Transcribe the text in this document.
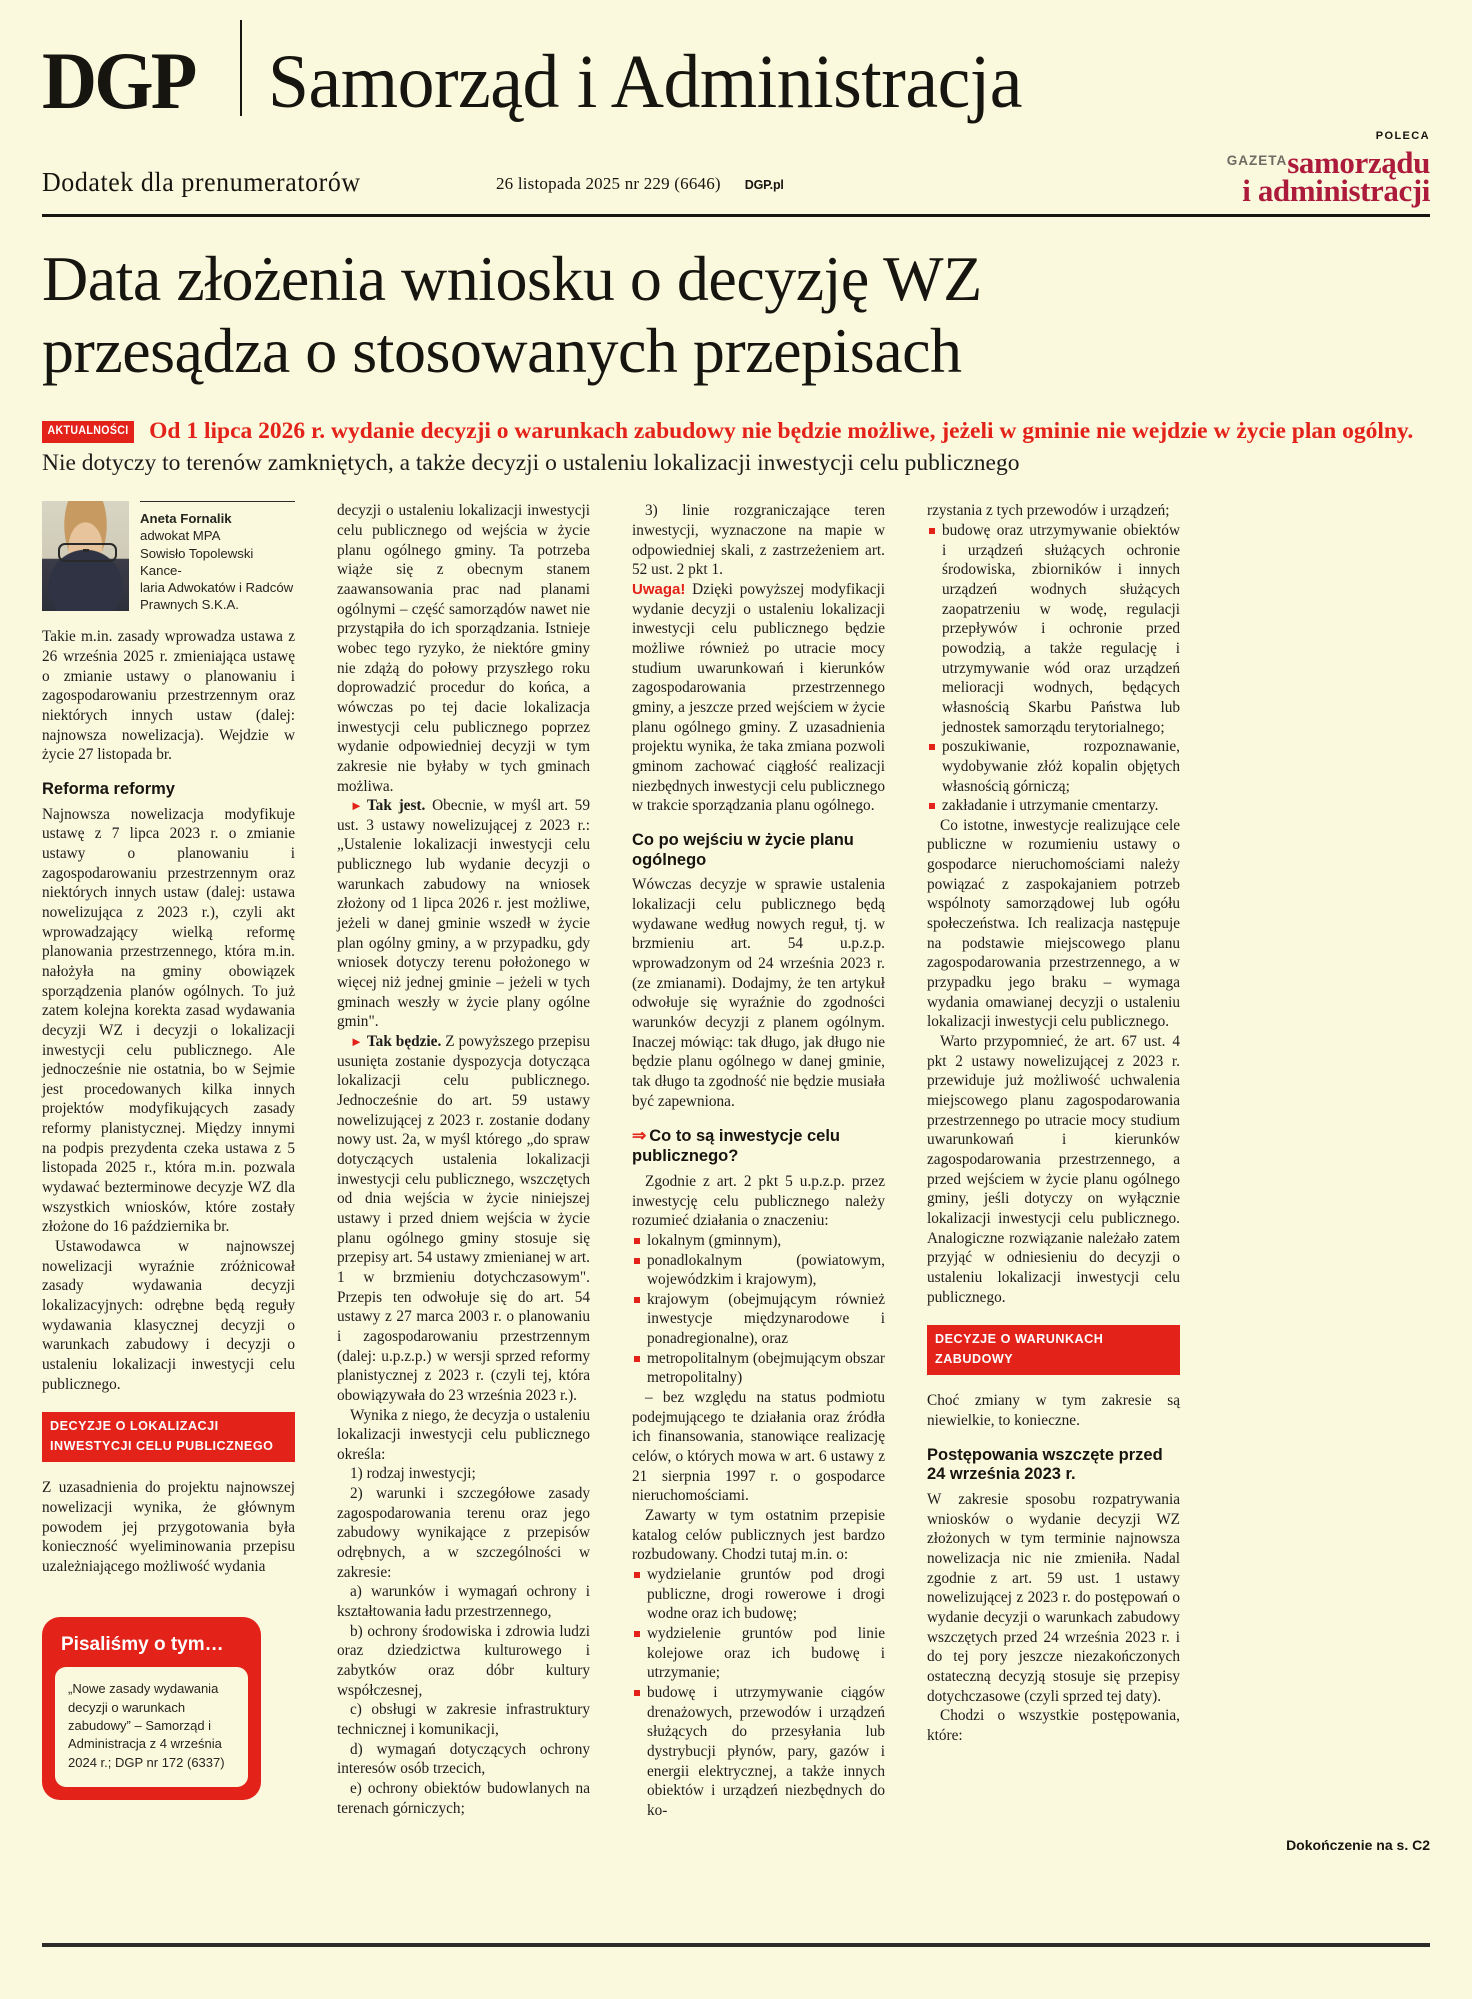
DGP Samorząd i Administracja
Dodatek dla prenumeratorów	26 listopada 2025 nr 229 (6646) DGP.pl
POLECA
$^{GAZETA}$samorządu
i administracji
Data złożenia wniosku o decyzję WZ
przesądza o stosowanych przepisach
AKTUALNOŚCI Od 1 lipca 2026 r. wydanie decyzji o warunkach zabudowy nie będzie możliwe, jeżeli w gminie nie wejdzie w życie plan ogólny. Nie dotyczy to terenów zamkniętych, a także decyzji o ustaleniu lokalizacji inwestycji celu publicznego
Aneta Fornalik
adwokat MPA
Sowisło Topolewski Kance-
laria Adwokatów i Radców
Prawnych S.K.A.

Takie m.in. zasady wprowadza ustawa z 26 września 2025 r. zmieniająca ustawę o zmianie ustawy o planowaniu i zagospodarowaniu przestrzennym oraz niektórych innych ustaw (dalej: najnowsza nowelizacja). Wejdzie w życie 27 listopada br.

Reforma reformy

Najnowsza nowelizacja modyfikuje ustawę z 7 lipca 2023 r. o zmianie ustawy o planowaniu i zagospodarowaniu przestrzennym oraz niektórych innych ustaw (dalej: ustawa nowelizująca z 2023 r.), czyli akt wprowadzający wielką reformę planowania przestrzennego, która m.in. nałożyła na gminy obowiązek sporządzenia planów ogólnych. To już zatem kolejna korekta zasad wydawania decyzji WZ i decyzji o lokalizacji inwestycji celu publicznego. Ale jednocześnie nie ostatnia, bo w Sejmie jest procedowanych kilka innych projektów modyfikujących zasady reformy planistycznej. Między innymi na podpis prezydenta czeka ustawa z 5 listopada 2025 r., która m.in. pozwala wydawać bezterminowe decyzje WZ dla wszystkich wniosków, które zostały złożone do 16 października br.

Ustawodawca w najnowszej nowelizacji wyraźnie zróżnicował zasady wydawania decyzji lokalizacyjnych: odrębne będą reguły wydawania klasycznej decyzji o warunkach zabudowy i decyzji o ustaleniu lokalizacji inwestycji celu publicznego.

DECYZJE O LOKALIZACJI INWESTYCJI CELU PUBLICZNEGO

Z uzasadnienia do projektu najnowszej nowelizacji wynika, że głównym powodem jej przygotowania była konieczność wyeliminowania przepisu uzależniającego możliwość wydania

Pisaliśmy o tym…
„Nowe zasady wydawania decyzji o warunkach zabudowy” – Samorząd i Administracja z 4 września 2024 r.; DGP nr 172 (6337)

decyzji o ustaleniu lokalizacji inwestycji celu publicznego od wejścia w życie planu ogólnego gminy. Ta potrzeba wiąże się z obecnym stanem zaawansowania prac nad planami ogólnymi – część samorządów nawet nie przystąpiła do ich sporządzania. Istnieje wobec tego ryzyko, że niektóre gminy nie zdążą do połowy przyszłego roku doprowadzić procedur do końca, a wówczas po tej dacie lokalizacja inwestycji celu publicznego poprzez wydanie odpowiedniej decyzji w tym zakresie nie byłaby w tych gminach możliwa.

► Tak jest. Obecnie, w myśl art. 59 ust. 3 ustawy nowelizującej z 2023 r.: „Ustalenie lokalizacji inwestycji celu publicznego lub wydanie decyzji o warunkach zabudowy na wniosek złożony od 1 lipca 2026 r. jest możliwe, jeżeli w danej gminie wszedł w życie plan ogólny gminy, a w przypadku, gdy wniosek dotyczy terenu położonego w więcej niż jednej gminie – jeżeli w tych gminach weszły w życie plany ogólne gmin".

► Tak będzie. Z powyższego przepisu usunięta zostanie dyspozycja dotycząca lokalizacji celu publicznego. Jednocześnie do art. 59 ustawy nowelizującej z 2023 r. zostanie dodany nowy ust. 2a, w myśl którego „do spraw dotyczących ustalenia lokalizacji inwestycji celu publicznego, wszczętych od dnia wejścia w życie niniejszej ustawy i przed dniem wejścia w życie planu ogólnego gminy stosuje się przepisy art. 54 ustawy zmienianej w art. 1 w brzmieniu dotychczasowym". Przepis ten odwołuje się do art. 54 ustawy z 27 marca 2003 r. o planowaniu i zagospodarowaniu przestrzennym (dalej: u.p.z.p.) w wersji sprzed reformy planistycznej z 2023 r. (czyli tej, która obowiązywała do 23 września 2023 r.).

Wynika z niego, że decyzja o ustaleniu lokalizacji inwestycji celu publicznego określa:

1) rodzaj inwestycji;

2) warunki i szczegółowe zasady zagospodarowania terenu oraz jego zabudowy wynikające z przepisów odrębnych, a w szczególności w zakresie:

a) warunków i wymagań ochrony i kształtowania ładu przestrzennego,

b) ochrony środowiska i zdrowia ludzi oraz dziedzictwa kulturowego i zabytków oraz dóbr kultury współczesnej,

c) obsługi w zakresie infrastruktury technicznej i komunikacji,

d) wymagań dotyczących ochrony interesów osób trzecich,

e) ochrony obiektów budowlanych na terenach górniczych;

3) linie rozgraniczające teren inwestycji, wyznaczone na mapie w odpowiedniej skali, z zastrzeżeniem art. 52 ust. 2 pkt 1.

Uwaga! Dzięki powyższej modyfikacji wydanie decyzji o ustaleniu lokalizacji inwestycji celu publicznego będzie możliwe również po utracie mocy studium uwarunkowań i kierunków zagospodarowania przestrzennego gminy, a jeszcze przed wejściem w życie planu ogólnego gminy. Z uzasadnienia projektu wynika, że taka zmiana pozwoli gminom zachować ciągłość realizacji niezbędnych inwestycji celu publicznego w trakcie sporządzania planu ogólnego.

Co po wejściu w życie planu ogólnego

Wówczas decyzje w sprawie ustalenia lokalizacji celu publicznego będą wydawane według nowych reguł, tj. w brzmieniu art. 54 u.p.z.p. wprowadzonym od 24 września 2023 r. (ze zmianami). Dodajmy, że ten artykuł odwołuje się wyraźnie do zgodności warunków decyzji z planem ogólnym. Inaczej mówiąc: tak długo, jak długo nie będzie planu ogólnego w danej gminie, tak długo ta zgodność nie będzie musiała być zapewniona.

⇒ Co to są inwestycje celu publicznego?

Zgodnie z art. 2 pkt 5 u.p.z.p. przez inwestycję celu publicznego należy rozumieć działania o znaczeniu:

lokalnym (gminnym),
ponadlokalnym (powiatowym, wojewódzkim i krajowym),
krajowym (obejmującym również inwestycje międzynarodowe i ponadregionalne), oraz
metropolitalnym (obejmującym obszar metropolitalny)

– bez względu na status podmiotu podejmującego te działania oraz źródła ich finansowania, stanowiące realizację celów, o których mowa w art. 6 ustawy z 21 sierpnia 1997 r. o gospodarce nieruchomościami.

Zawarty w tym ostatnim przepisie katalog celów publicznych jest bardzo rozbudowany. Chodzi tutaj m.in. o:

wydzielanie gruntów pod drogi publiczne, drogi rowerowe i drogi wodne oraz ich budowę;
wydzielenie gruntów pod linie kolejowe oraz ich budowę i utrzymanie;
budowę i utrzymywanie ciągów drenażowych, przewodów i urządzeń służących do przesyłania lub dystrybucji płynów, pary, gazów i energii elektrycznej, a także innych obiektów i urządzeń niezbędnych do ko-

rzystania z tych przewodów i urządzeń;

budowę oraz utrzymywanie obiektów i urządzeń służących ochronie środowiska, zbiorników i innych urządzeń wodnych służących zaopatrzeniu w wodę, regulacji przepływów i ochronie przed powodzią, a także regulację i utrzymywanie wód oraz urządzeń melioracji wodnych, będących własnością Skarbu Państwa lub jednostek samorządu terytorialnego;
poszukiwanie, rozpoznawanie, wydobywanie złóż kopalin objętych własnością górniczą;
zakładanie i utrzymanie cmentarzy.

Co istotne, inwestycje realizujące cele publiczne w rozumieniu ustawy o gospodarce nieruchomościami należy powiązać z zaspokajaniem potrzeb wspólnoty samorządowej lub ogółu społeczeństwa. Ich realizacja następuje na podstawie miejscowego planu zagospodarowania przestrzennego, a w przypadku jego braku – wymaga wydania omawianej decyzji o ustaleniu lokalizacji inwestycji celu publicznego.

Warto przypomnieć, że art. 67 ust. 4 pkt 2 ustawy nowelizującej z 2023 r. przewiduje już możliwość uchwalenia miejscowego planu zagospodarowania przestrzennego po utracie mocy studium uwarunkowań i kierunków zagospodarowania przestrzennego, a przed wejściem w życie planu ogólnego gminy, jeśli dotyczy on wyłącznie lokalizacji inwestycji celu publicznego. Analogiczne rozwiązanie należało zatem przyjąć w odniesieniu do decyzji o ustaleniu lokalizacji inwestycji celu publicznego.

DECYZJE O WARUNKACH ZABUDOWY

Choć zmiany w tym zakresie są niewielkie, to konieczne.

Postępowania wszczęte przed
24 września 2023 r.

W zakresie sposobu rozpatrywania wniosków o wydanie decyzji WZ złożonych w tym terminie najnowsza nowelizacja nic nie zmieniła. Nadal zgodnie z art. 59 ust. 1 ustawy nowelizującej z 2023 r. do postępowań o wydanie decyzji o warunkach zabudowy wszczętych przed 24 września 2023 r. i do tej pory jeszcze niezakończonych ostateczną decyzją stosuje się przepisy dotychczasowe (czyli sprzed tej daty).

Chodzi o wszystkie postępowania, które:

Dokończenie na s. C2
